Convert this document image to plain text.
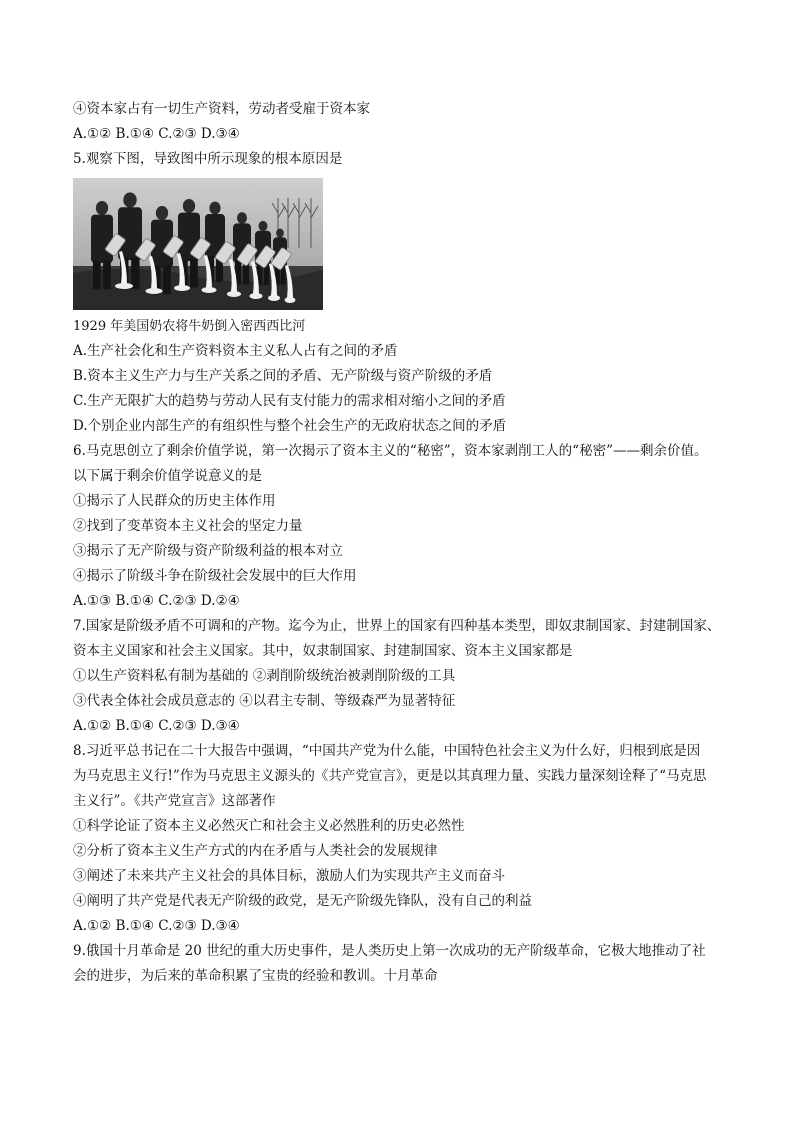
④资本家占有一切生产资料，劳动者受雇于资本家
A.①② B.①④ C.②③ D.③④
5.观察下图，导致图中所示现象的根本原因是
1929 年美国奶农将牛奶倒入密西西比河
A.生产社会化和生产资料资本主义私人占有之间的矛盾
B.资本主义生产力与生产关系之间的矛盾、无产阶级与资产阶级的矛盾
C.生产无限扩大的趋势与劳动人民有支付能力的需求相对缩小之间的矛盾
D.个别企业内部生产的有组织性与整个社会生产的无政府状态之间的矛盾
6.马克思创立了剩余价值学说，第一次揭示了资本主义的“秘密”，资本家剥削工人的“秘密”——剩余价值。
以下属于剩余价值学说意义的是
①揭示了人民群众的历史主体作用
②找到了变革资本主义社会的坚定力量
③揭示了无产阶级与资产阶级利益的根本对立
④揭示了阶级斗争在阶级社会发展中的巨大作用
A.①③ B.①④ C.②③ D.②④
7.国家是阶级矛盾不可调和的产物。迄今为止，世界上的国家有四种基本类型，即奴隶制国家、封建制国家、
资本主义国家和社会主义国家。其中，奴隶制国家、封建制国家、资本主义国家都是
①以生产资料私有制为基础的 ②剥削阶级统治被剥削阶级的工具
③代表全体社会成员意志的 ④以君主专制、等级森严为显著特征
A.①② B.①④ C.②③ D.③④
8.习近平总书记在二十大报告中强调，“中国共产党为什么能，中国特色社会主义为什么好，归根到底是因
为马克思主义行!”作为马克思主义源头的《共产党宣言》，更是以其真理力量、实践力量深刻诠释了“马克思
主义行”。《共产党宣言》这部著作
①科学论证了资本主义必然灭亡和社会主义必然胜利的历史必然性
②分析了资本主义生产方式的内在矛盾与人类社会的发展规律
③阐述了未来共产主义社会的具体目标，激励人们为实现共产主义而奋斗
④阐明了共产党是代表无产阶级的政党，是无产阶级先锋队，没有自己的利益
A.①② B.①④ C.②③ D.③④
9.俄国十月革命是 20 世纪的重大历史事件，是人类历史上第一次成功的无产阶级革命，它极大地推动了社
会的进步，为后来的革命积累了宝贵的经验和教训。十月革命
